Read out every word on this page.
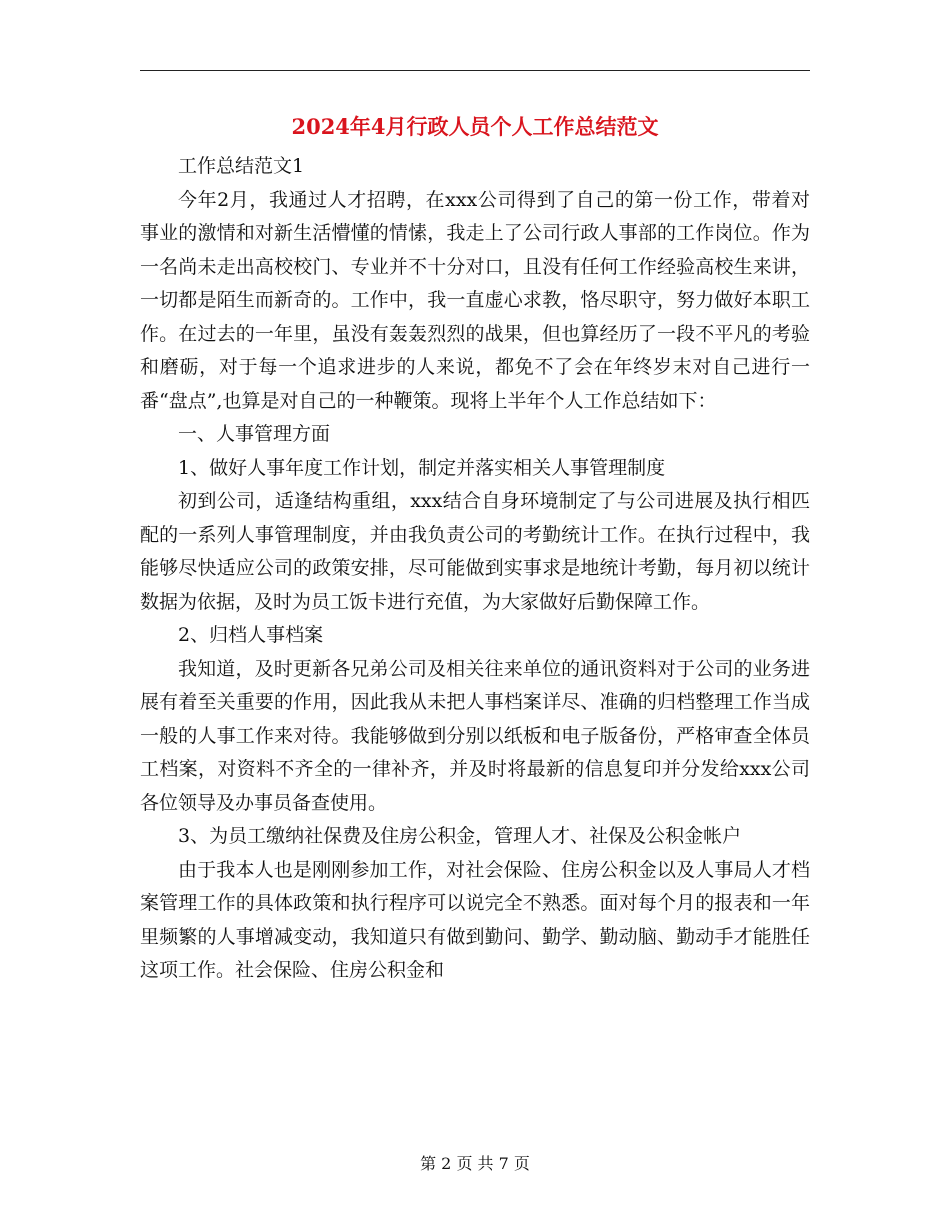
2024年4月行政人员个人工作总结范文

工作总结范文1

今年2月，我通过人才招聘，在xxx公司得到了自己的第一份工作，带着对事业的激情和对新生活懵懂的情愫，我走上了公司行政人事部的工作岗位。作为一名尚未走出高校校门、专业并不十分对口，且没有任何工作经验高校生来讲，一切都是陌生而新奇的。工作中，我一直虚心求教，恪尽职守，努力做好本职工作。在过去的一年里，虽没有轰轰烈烈的战果，但也算经历了一段不平凡的考验和磨砺，对于每一个追求进步的人来说，都免不了会在年终岁末对自己进行一番“盘点”,也算是对自己的一种鞭策。现将上半年个人工作总结如下：

一、人事管理方面

1、做好人事年度工作计划，制定并落实相关人事管理制度

初到公司，适逢结构重组，xxx结合自身环境制定了与公司进展及执行相匹配的一系列人事管理制度，并由我负责公司的考勤统计工作。在执行过程中，我能够尽快适应公司的政策安排，尽可能做到实事求是地统计考勤，每月初以统计数据为依据，及时为员工饭卡进行充值，为大家做好后勤保障工作。

2、归档人事档案

我知道，及时更新各兄弟公司及相关往来单位的通讯资料对于公司的业务进展有着至关重要的作用，因此我从未把人事档案详尽、准确的归档整理工作当成一般的人事工作来对待。我能够做到分别以纸板和电子版备份，严格审查全体员工档案，对资料不齐全的一律补齐，并及时将最新的信息复印并分发给xxx公司各位领导及办事员备查使用。

3、为员工缴纳社保费及住房公积金，管理人才、社保及公积金帐户

由于我本人也是刚刚参加工作，对社会保险、住房公积金以及人事局人才档案管理工作的具体政策和执行程序可以说完全不熟悉。面对每个月的报表和一年里频繁的人事增减变动，我知道只有做到勤问、勤学、勤动脑、勤动手才能胜任这项工作。社会保险、住房公积金和

第 2 页 共 7 页
